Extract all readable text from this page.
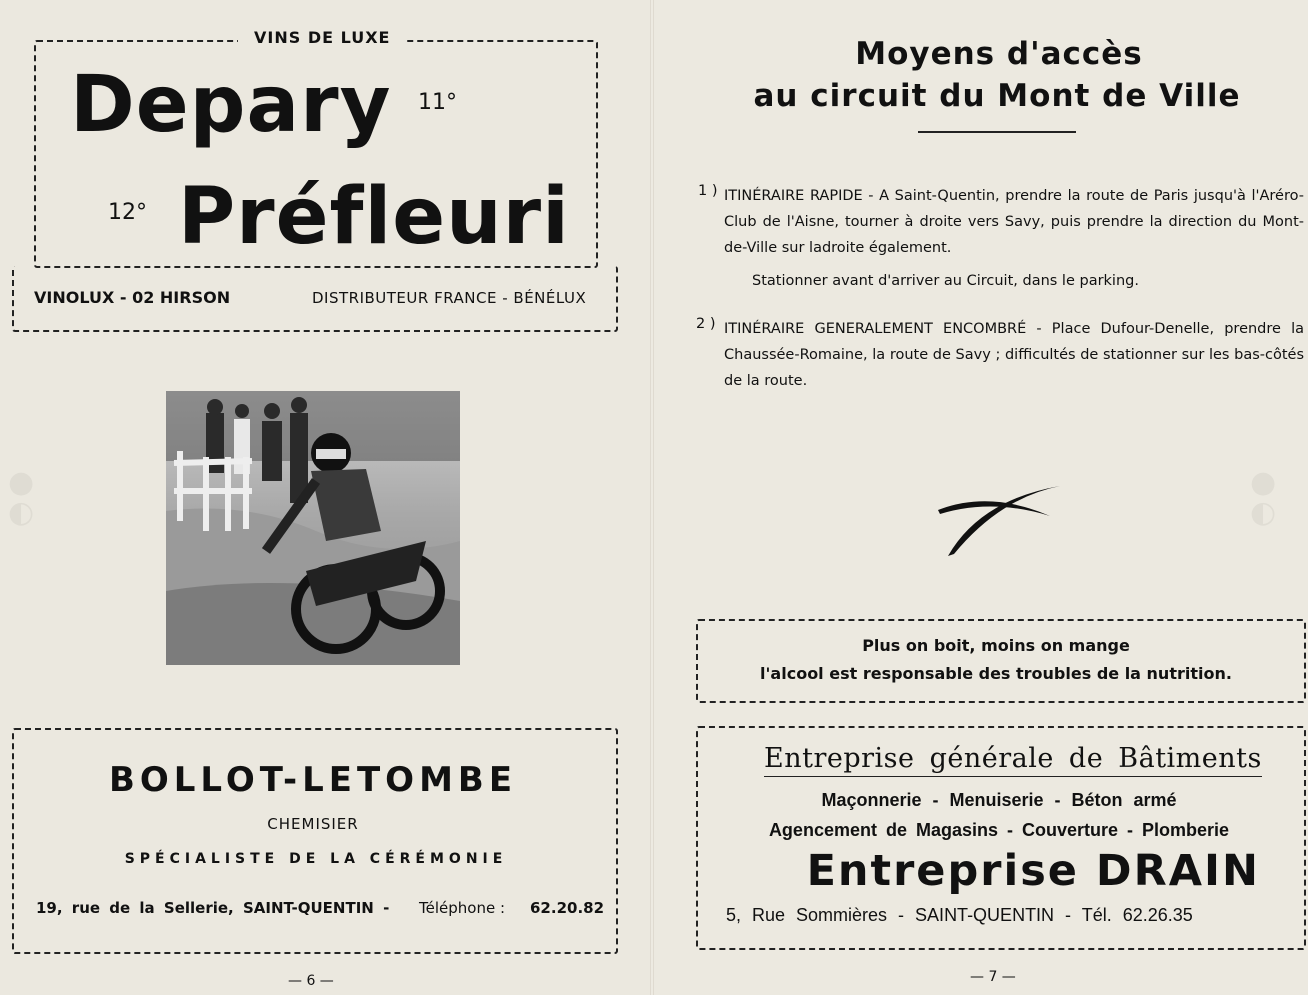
●
◐
●
◐
VINS DE LUXE
Depary 11°
12° Préfleuri
VINOLUX - 02 HIRSON	DISTRIBUTEUR FRANCE - BÉNÉLUX
BOLLOT-LETOMBE
CHEMISIER
SPÉCIALISTE DE LA CÉRÉMONIE
19, rue de la Sellerie, SAINT-QUENTIN - Téléphone : 62.20.82
— 6 —
Moyens d'accès
au circuit du Mont de Ville
1 ) ITINÉRAIRE RAPIDE - A Saint-Quentin, prendre la route de Paris jusqu'à l'Aréro-Club de l'Aisne, tourner à droite vers Savy, puis prendre la direction du Mont-de-Ville sur ladroite également.
Stationner avant d'arriver au Circuit, dans le parking.
2 ) ITINÉRAIRE GENERALEMENT ENCOMBRÉ - Place Dufour-Denelle, prendre la Chaussée-Romaine, la route de Savy ; difficultés de stationner sur les bas-côtés de la route.
Plus on boit, moins on mange
l'alcool est responsable des troubles de la nutrition.
Entreprise générale de Bâtiments
Maçonnerie - Menuiserie - Béton armé
Agencement de Magasins - Couverture - Plomberie
Entreprise DRAIN
5, Rue Sommières - SAINT-QUENTIN - Tél. 62.26.35
— 7 —
